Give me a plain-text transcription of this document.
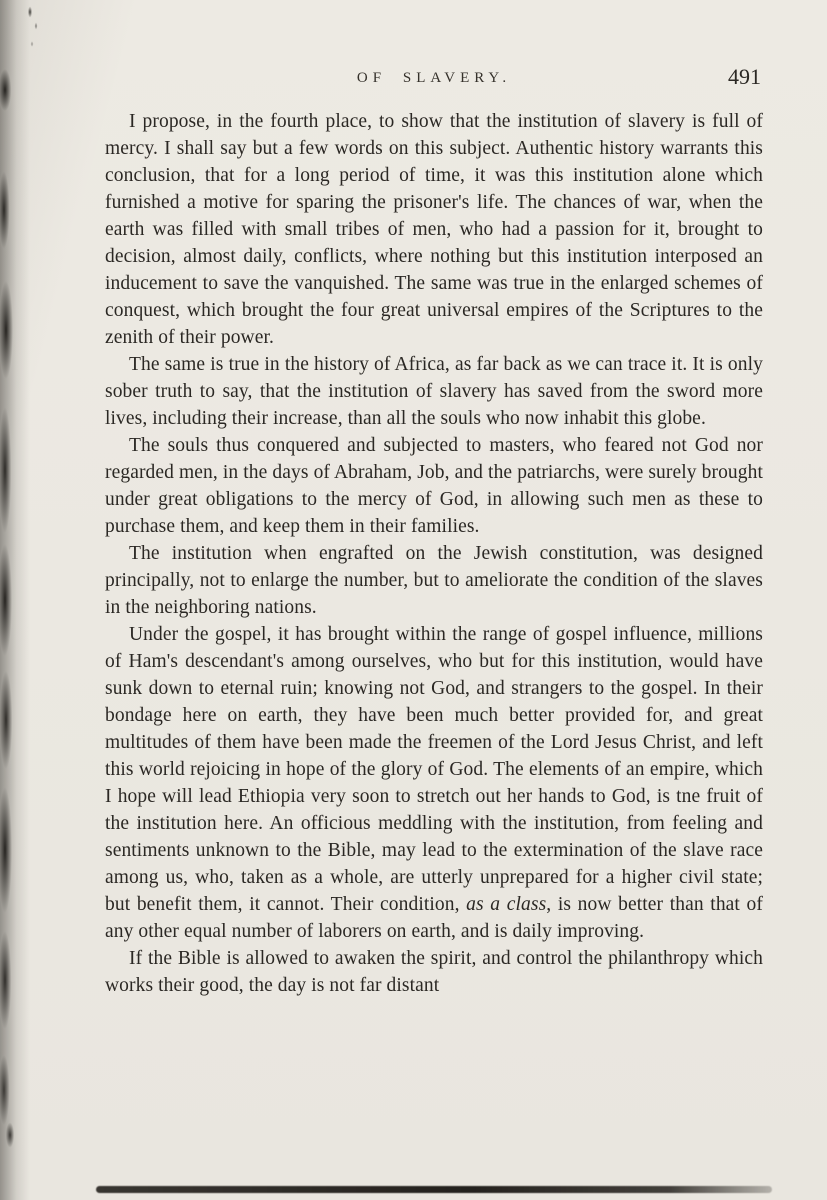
OF SLAVERY.	491

I propose, in the fourth place, to show that the institution of slavery is full of mercy. I shall say but a few words on this subject. Authentic history warrants this conclusion, that for a long period of time, it was this institution alone which furnished a motive for sparing the prisoner's life. The chances of war, when the earth was filled with small tribes of men, who had a passion for it, brought to decision, almost daily, conflicts, where nothing but this institution interposed an inducement to save the vanquished. The same was true in the enlarged schemes of conquest, which brought the four great universal empires of the Scriptures to the zenith of their power.

The same is true in the history of Africa, as far back as we can trace it. It is only sober truth to say, that the institution of slavery has saved from the sword more lives, including their increase, than all the souls who now inhabit this globe.

The souls thus conquered and subjected to masters, who feared not God nor regarded men, in the days of Abraham, Job, and the patriarchs, were surely brought under great obligations to the mercy of God, in allowing such men as these to purchase them, and keep them in their families.

The institution when engrafted on the Jewish constitution, was designed principally, not to enlarge the number, but to ameliorate the condition of the slaves in the neighboring nations.

Under the gospel, it has brought within the range of gospel influence, millions of Ham's descendant's among ourselves, who but for this institution, would have sunk down to eternal ruin; knowing not God, and strangers to the gospel. In their bondage here on earth, they have been much better provided for, and great multitudes of them have been made the freemen of the Lord Jesus Christ, and left this world rejoicing in hope of the glory of God. The elements of an empire, which I hope will lead Ethiopia very soon to stretch out her hands to God, is tne fruit of the institution here. An officious meddling with the institution, from feeling and sentiments unknown to the Bible, may lead to the extermination of the slave race among us, who, taken as a whole, are utterly unprepared for a higher civil state; but benefit them, it cannot. Their condition, as a class, is now better than that of any other equal number of laborers on earth, and is daily improving.

If the Bible is allowed to awaken the spirit, and control the philanthropy which works their good, the day is not far distant
